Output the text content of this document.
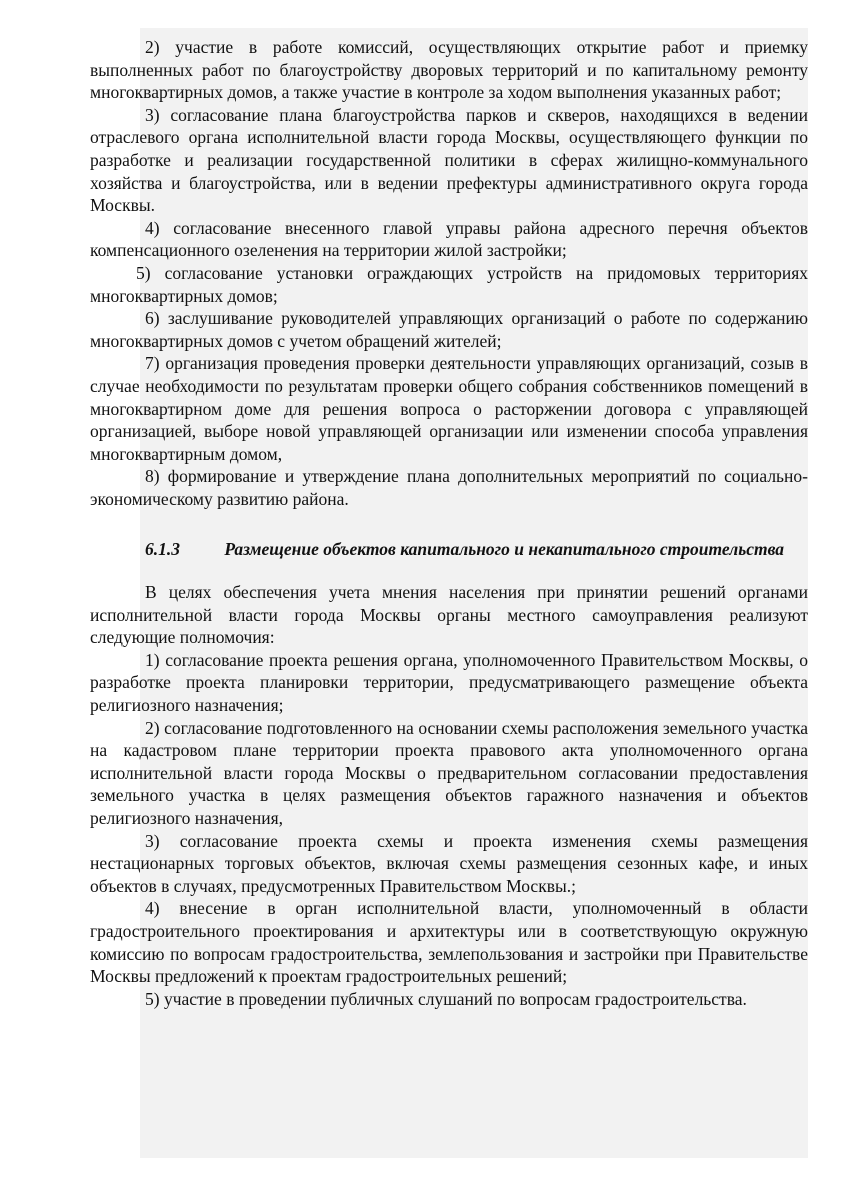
2) участие в работе комиссий, осуществляющих открытие работ и приемку выполненных работ по благоустройству дворовых территорий и по капитальному ремонту многоквартирных домов, а также участие в контроле за ходом выполнения указанных работ;

3) согласование плана благоустройства парков и скверов, находящихся в ведении отраслевого органа исполнительной власти города Москвы, осуществляющего функции по разработке и реализации государственной политики в сферах жилищно-коммунального хозяйства и благоустройства, или в ведении префектуры административного округа города Москвы.

4) согласование внесенного главой управы района адресного перечня объектов компенсационного озеленения на территории жилой застройки;

5) согласование установки ограждающих устройств на придомовых территориях многоквартирных домов;

6) заслушивание руководителей управляющих организаций о работе по содержанию многоквартирных домов с учетом обращений жителей;

7) организация проведения проверки деятельности управляющих организаций, созыв в случае необходимости по результатам проверки общего собрания собственников помещений в многоквартирном доме для решения вопроса о расторжении договора с управляющей организацией, выборе новой управляющей организации или изменении способа управления многоквартирным домом,

8) формирование и утверждение плана дополнительных мероприятий по социально-экономическому развитию района.

6.1.3	Размещение объектов капитального и некапитального строительства

В целях обеспечения учета мнения населения при принятии решений органами исполнительной власти города Москвы органы местного самоуправления реализуют следующие полномочия:

1) согласование проекта решения органа, уполномоченного Правительством Москвы, о разработке проекта планировки территории, предусматривающего размещение объекта религиозного назначения;

2) согласование подготовленного на основании схемы расположения земельного участка на кадастровом плане территории проекта правового акта уполномоченного органа исполнительной власти города Москвы о предварительном согласовании предоставления земельного участка в целях размещения объектов гаражного назначения и объектов религиозного назначения,

3) согласование проекта схемы и проекта изменения схемы размещения нестационарных торговых объектов, включая схемы размещения сезонных кафе, и иных объектов в случаях, предусмотренных Правительством Москвы.;

4) внесение в орган исполнительной власти, уполномоченный в области градостроительного проектирования и архитектуры или в соответствующую окружную комиссию по вопросам градостроительства, землепользования и застройки при Правительстве Москвы предложений к проектам градостроительных решений;

5) участие в проведении публичных слушаний по вопросам градостроительства.
